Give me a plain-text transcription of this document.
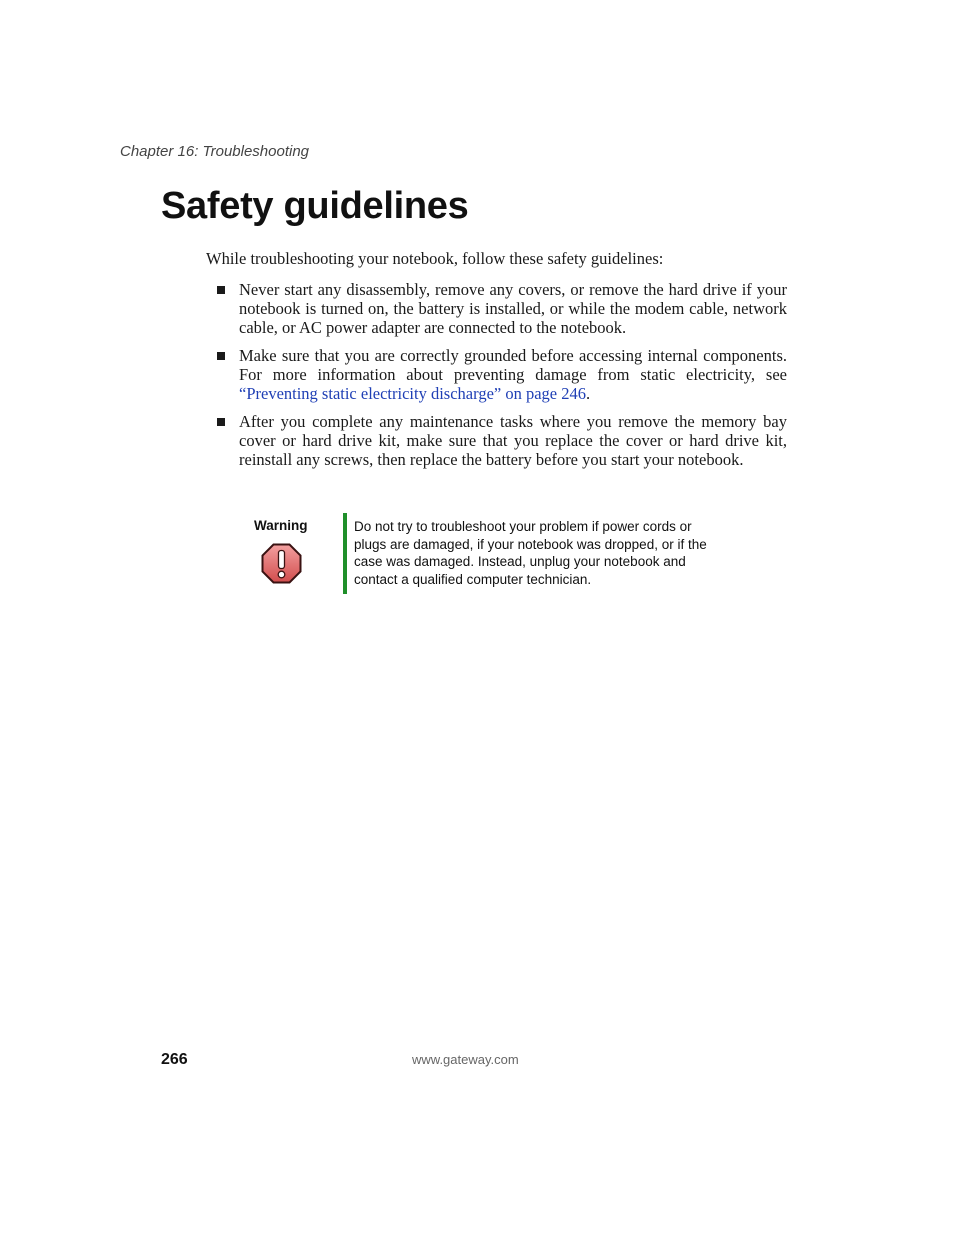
Chapter 16: Troubleshooting
Safety guidelines

While troubleshooting your notebook, follow these safety guidelines:

Never start any disassembly, remove any covers, or remove the hard drive if your notebook is turned on, the battery is installed, or while the modem cable, network cable, or AC power adapter are connected to the notebook.
Make sure that you are correctly grounded before accessing internal components. For more information about preventing damage from static electricity, see “Preventing static electricity discharge” on page 246.
After you complete any maintenance tasks where you remove the memory bay cover or hard drive kit, make sure that you replace the cover or hard drive kit, reinstall any screws, then replace the battery before you start your notebook.
Warning	Do not try to troubleshoot your problem if power cords or plugs are damaged, if your notebook was dropped, or if the case was damaged. Instead, unplug your notebook and contact a qualified computer technician.

266	www.gateway.com
